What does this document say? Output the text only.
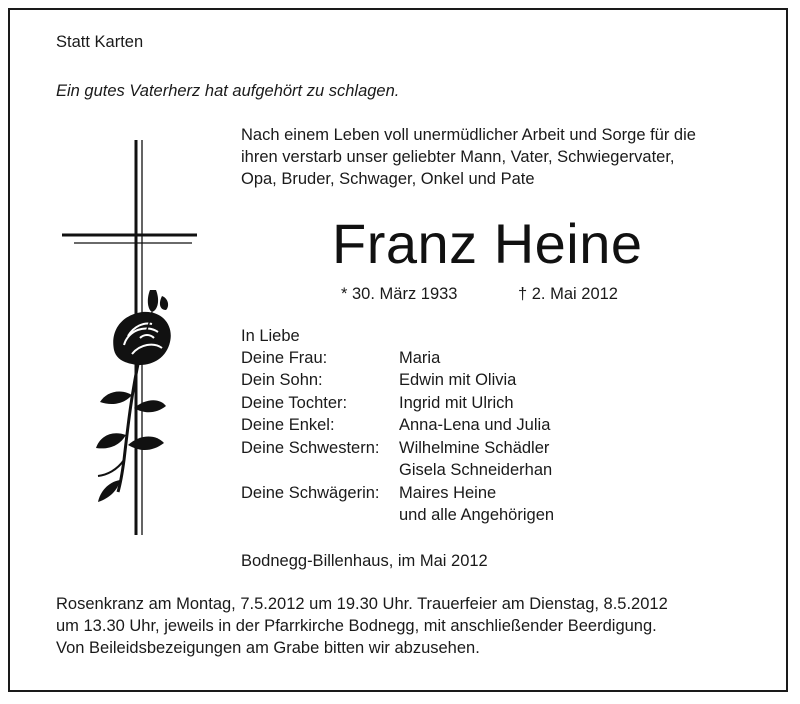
Statt Karten
Ein gutes Vaterherz hat aufgehört zu schlagen.
Nach einem Leben voll unermüdlicher Arbeit und Sorge für die
ihren verstarb unser geliebter Mann, Vater, Schwiegervater,
Opa, Bruder, Schwager, Onkel und Pate
Franz Heine
* 30. März 1933	† 2. Mai 2012
In Liebe
Deine Frau:	Maria
Dein Sohn:	Edwin mit Olivia
Deine Tochter:	Ingrid mit Ulrich
Deine Enkel:	Anna-Lena und Julia
Deine Schwestern: Wilhelmine Schädler
Gisela Schneiderhan
Deine Schwägerin: Maires Heine
und alle Angehörigen
Bodnegg-Billenhaus, im Mai 2012
Rosenkranz am Montag, 7.5.2012 um 19.30 Uhr. Trauerfeier am Dienstag, 8.5.2012
um 13.30 Uhr, jeweils in der Pfarrkirche Bodnegg, mit anschließender Beerdigung.
Von Beileidsbezeigungen am Grabe bitten wir abzusehen.
